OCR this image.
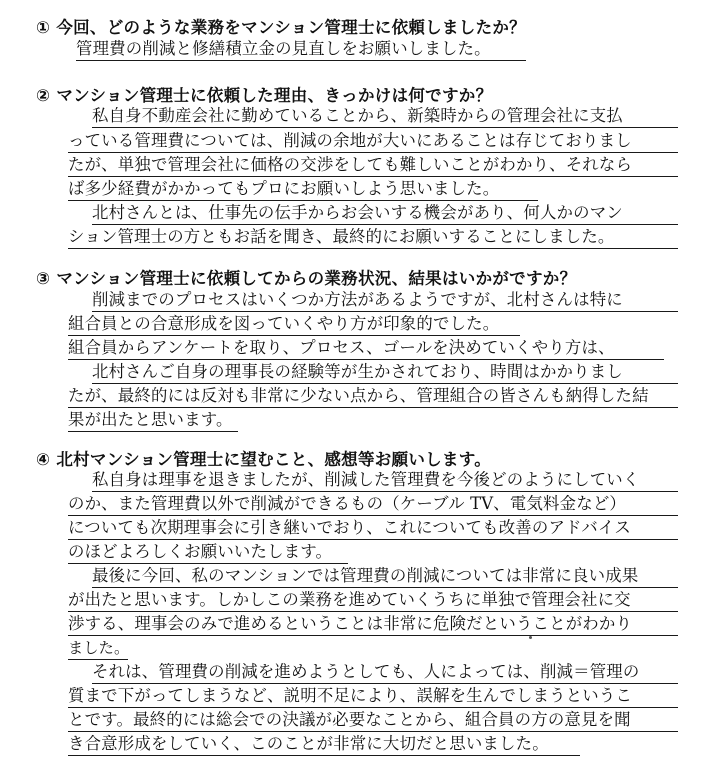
① 今回、どのような業務をマンション管理士に依頼しましたか？
管理費の削減と修繕積立金の見直しをお願いしました。
② マンション管理士に依頼した理由、きっかけは何ですか？
私自身不動産会社に勤めていることから、新築時からの管理会社に支払
っている管理費については、削減の余地が大いにあることは存じておりまし
たが、単独で管理会社に価格の交渉をしても難しいことがわかり、それなら
ば多少経費がかかってもプロにお願いしよう思いました。
北村さんとは、仕事先の伝手からお会いする機会があり、何人かのマン
ション管理士の方ともお話を聞き、最終的にお願いすることにしました。
③ マンション管理士に依頼してからの業務状況、結果はいかがですか？
削減までのプロセスはいくつか方法があるようですが、北村さんは特に
組合員との合意形成を図っていくやり方が印象的でした。
組合員からアンケートを取り、プロセス、ゴールを決めていくやり方は、
北村さんご自身の理事長の経験等が生かされており、時間はかかりまし
たが、最終的には反対も非常に少ない点から、管理組合の皆さんも納得した結
果が出たと思います。
④ 北村マンション管理士に望むこと、感想等お願いします。
私自身は理事を退きましたが、削減した管理費を今後どのようにしていく
のか、また管理費以外で削減ができるもの（ケーブル TV、電気料金など）
についても次期理事会に引き継いでおり、これについても改善のアドバイス
のほどよろしくお願いいたします。
最後に今回、私のマンションでは管理費の削減については非常に良い成果
が出たと思います。しかしこの業務を進めていくうちに単独で管理会社に交
渉する、理事会のみで進めるということは非常に危険だということがわかり
ました。
それは、管理費の削減を進めようとしても、人によっては、削減＝管理の
質まで下がってしまうなど、説明不足により、誤解を生んでしまうというこ
とです。最終的には総会での決議が必要なことから、組合員の方の意見を聞
き合意形成をしていく、このことが非常に大切だと思いました。
